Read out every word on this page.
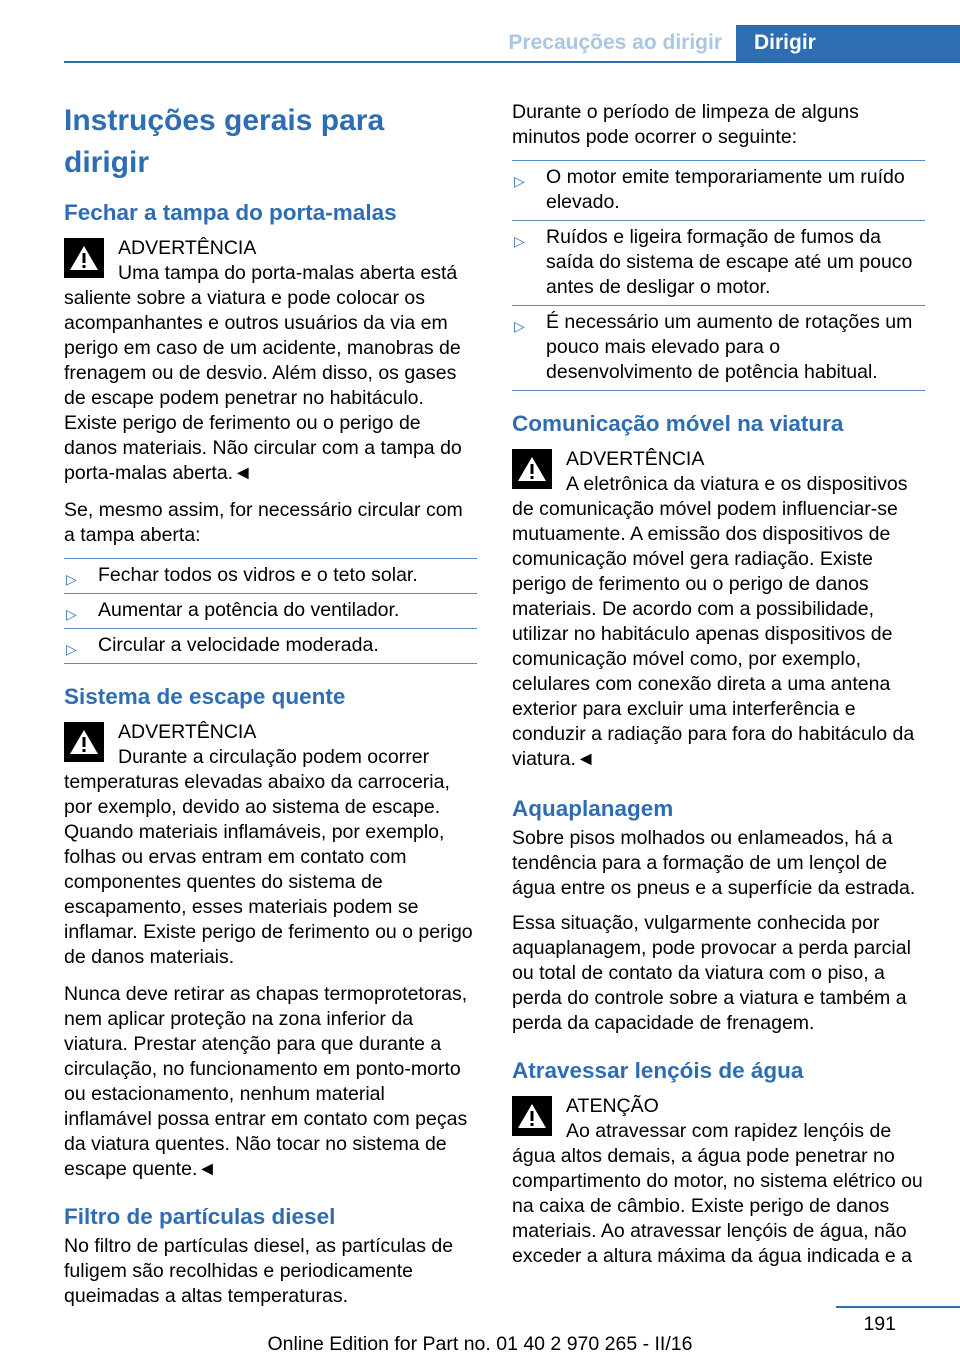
Precauções ao dirigir	Dirigir
Instruções gerais para dirigir
Fechar a tampa do porta-malas
ADVERTÊNCIA
Uma tampa do porta-malas aberta está saliente sobre a viatura e pode colocar os acompanhantes e outros usuários da via em perigo em caso de um acidente, manobras de frenagem ou de desvio. Além disso, os gases de escape podem penetrar no habitáculo. Existe perigo de ferimento ou o perigo de danos materiais. Não circular com a tampa do porta-malas aberta.◄

Se, mesmo assim, for necessário circular com a tampa aberta:

▷ Fechar todos os vidros e o teto solar.
▷ Aumentar a potência do ventilador.
▷ Circular a velocidade moderada.
Sistema de escape quente
ADVERTÊNCIA
Durante a circulação podem ocorrer temperaturas elevadas abaixo da carroceria, por exemplo, devido ao sistema de escape. Quando materiais inflamáveis, por exemplo, folhas ou ervas entram em contato com componentes quentes do sistema de escapamento, esses materiais podem se inflamar. Existe perigo de ferimento ou o perigo de danos materiais.

Nunca deve retirar as chapas termoprotetoras, nem aplicar proteção na zona inferior da viatura. Prestar atenção para que durante a circulação, no funcionamento em ponto-morto ou estacionamento, nenhum material inflamável possa entrar em contato com peças da viatura quentes. Não tocar no sistema de escape quente.◄

Filtro de partículas diesel

No filtro de partículas diesel, as partículas de fuligem são recolhidas e periodicamente queimadas a altas temperaturas.

Durante o período de limpeza de alguns minutos pode ocorrer o seguinte:

▷ O motor emite temporariamente um ruído elevado.
▷ Ruídos e ligeira formação de fumos da saída do sistema de escape até um pouco antes de desligar o motor.
▷ É necessário um aumento de rotações um pouco mais elevado para o desenvolvimento de potência habitual.
Comunicação móvel na viatura
ADVERTÊNCIA
A eletrônica da viatura e os dispositivos de comunicação móvel podem influenciar-se mutuamente. A emissão dos dispositivos de comunicação móvel gera radiação. Existe perigo de ferimento ou o perigo de danos materiais. De acordo com a possibilidade, utilizar no habitáculo apenas dispositivos de comunicação móvel como, por exemplo, celulares com conexão direta a uma antena exterior para excluir uma interferência e conduzir a radiação para fora do habitáculo da viatura.◄
Aquaplanagem

Sobre pisos molhados ou enlameados, há a tendência para a formação de um lençol de água entre os pneus e a superfície da estrada.

Essa situação, vulgarmente conhecida por aquaplanagem, pode provocar a perda parcial ou total de contato da viatura com o piso, a perda do controle sobre a viatura e também a perda da capacidade de frenagem.

Atravessar lençóis de água
ATENÇÃO
Ao atravessar com rapidez lençóis de água altos demais, a água pode penetrar no compartimento do motor, no sistema elétrico ou na caixa de câmbio. Existe perigo de danos materiais. Ao atravessar lençóis de água, não exceder a altura máxima da água indicada e a
191
Online Edition for Part no. 01 40 2 970 265 - II/16
